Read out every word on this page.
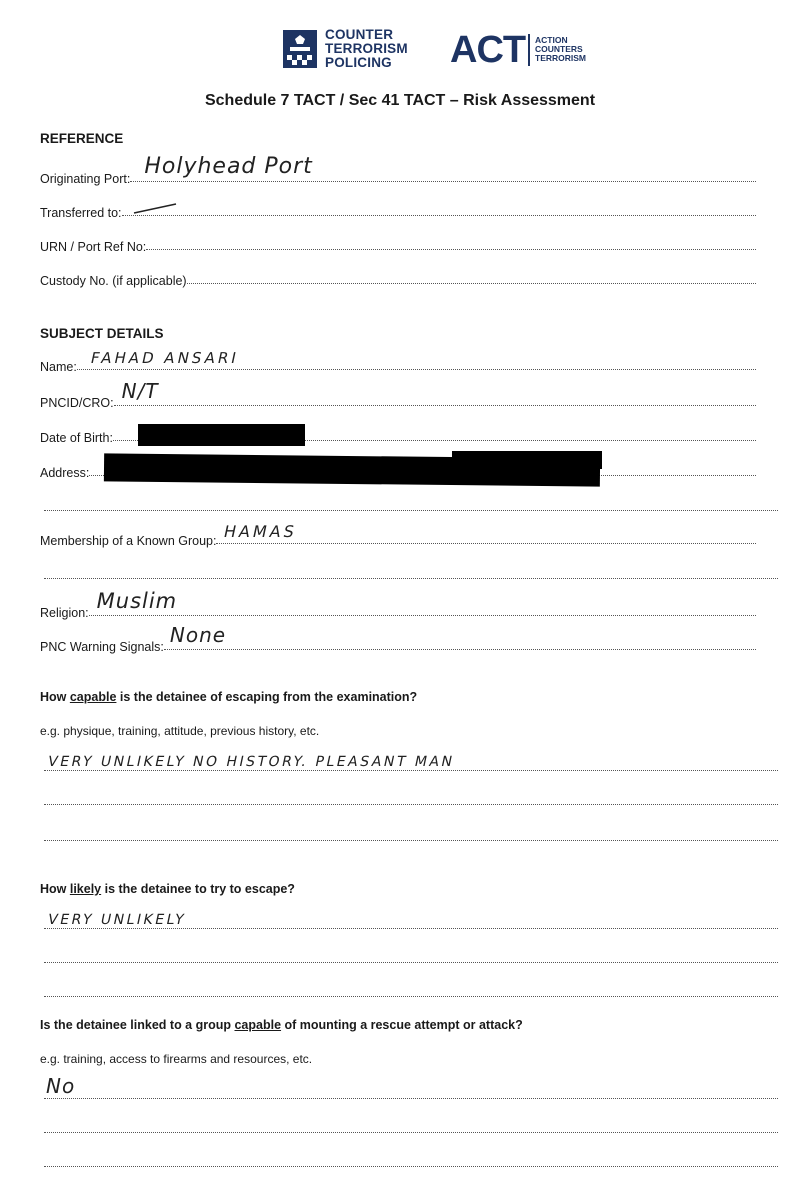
COUNTER
TERRORISM
POLICING	ACT ACTION
COUNTERS
TERRORISM
Schedule 7 TACT / Sec 41 TACT – Risk Assessment
REFERENCE
Originating Port: Holyhead Port
Transferred to:
URN / Port Ref No:
Custody No. (if applicable)
SUBJECT DETAILS
Name: FAHAD ANSARI
PNCID/CRO: N/T
Date of Birth:
Address:
Membership of a Known Group: HAMAS
Religion: Muslim
PNC Warning Signals: None
How capable is the detainee of escaping from the examination?
e.g. physique, training, attitude, previous history, etc.
VERY UNLIKELY NO HISTORY. PLEASANT MAN
How likely is the detainee to try to escape?
VERY UNLIKELY
Is the detainee linked to a group capable of mounting a rescue attempt or attack?
e.g. training, access to firearms and resources, etc.
No
